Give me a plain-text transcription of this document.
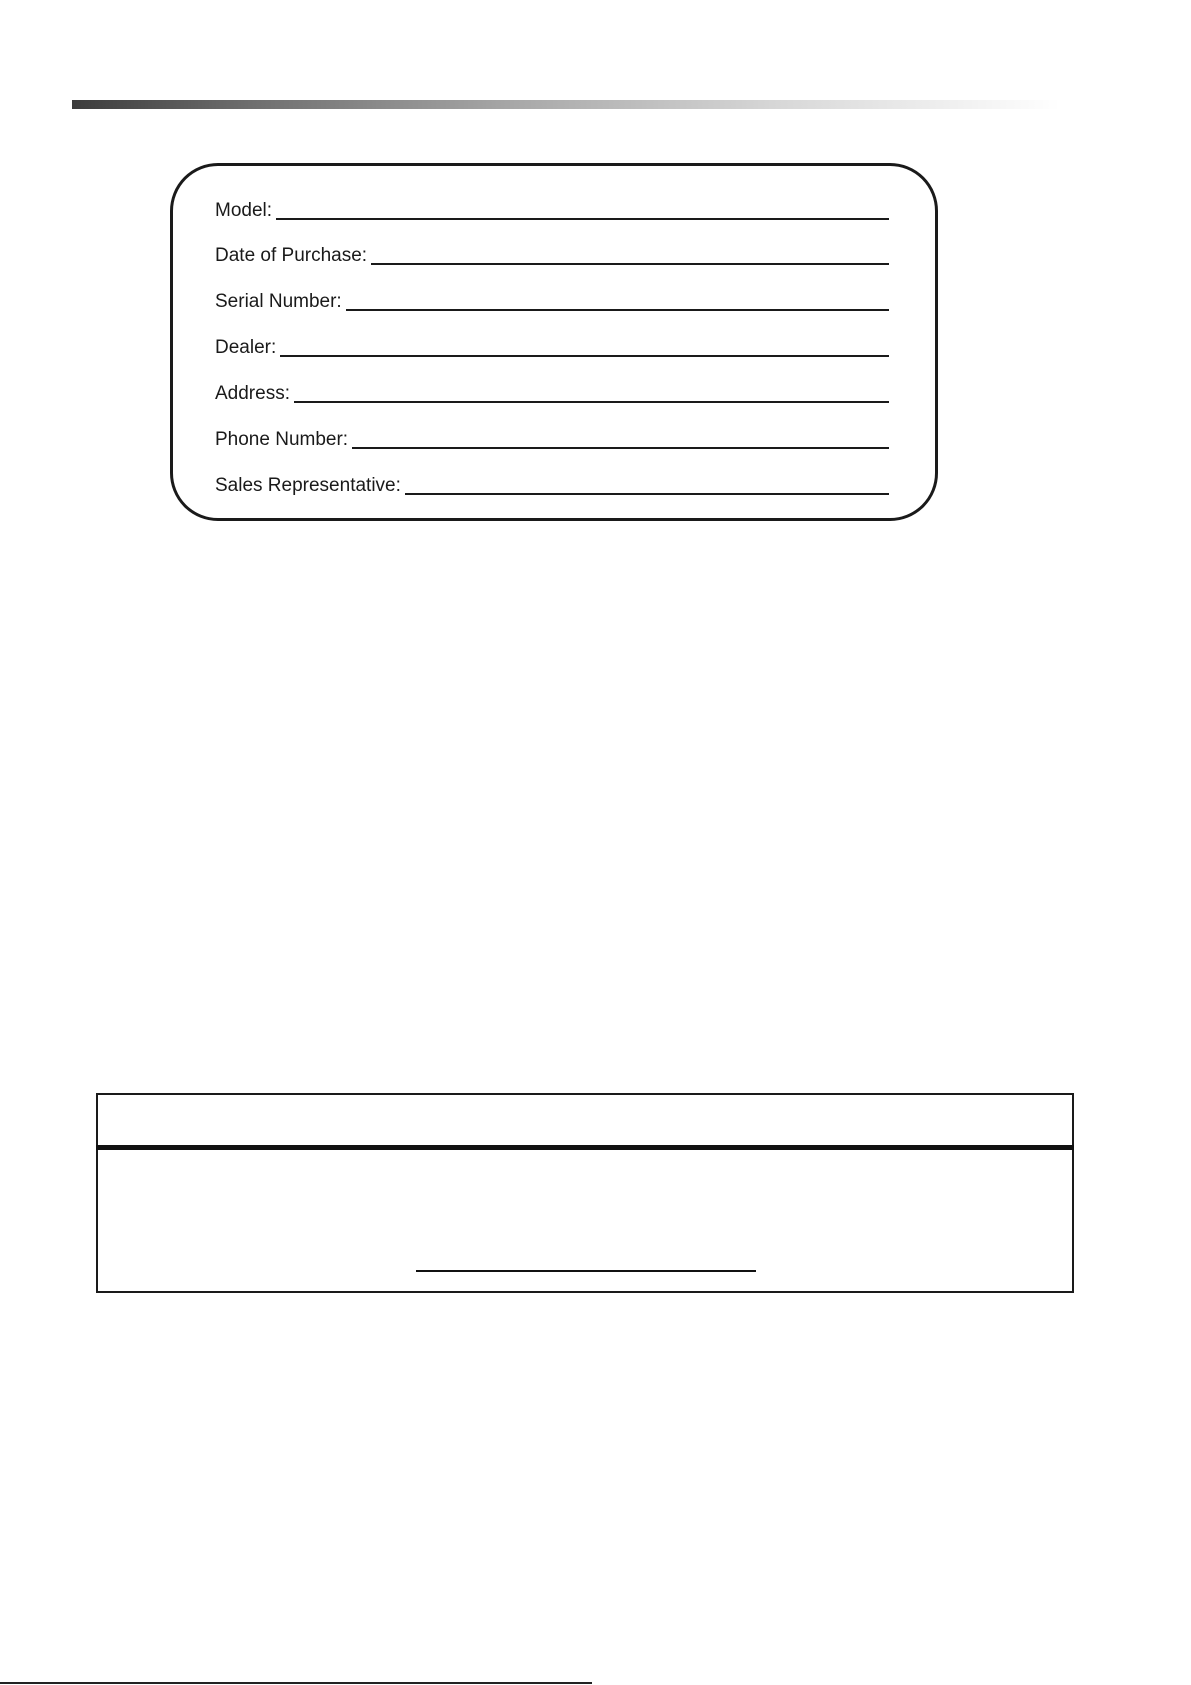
Model:
Date of Purchase:
Serial Number:
Dealer:
Address:
Phone Number:
Sales Representative:
